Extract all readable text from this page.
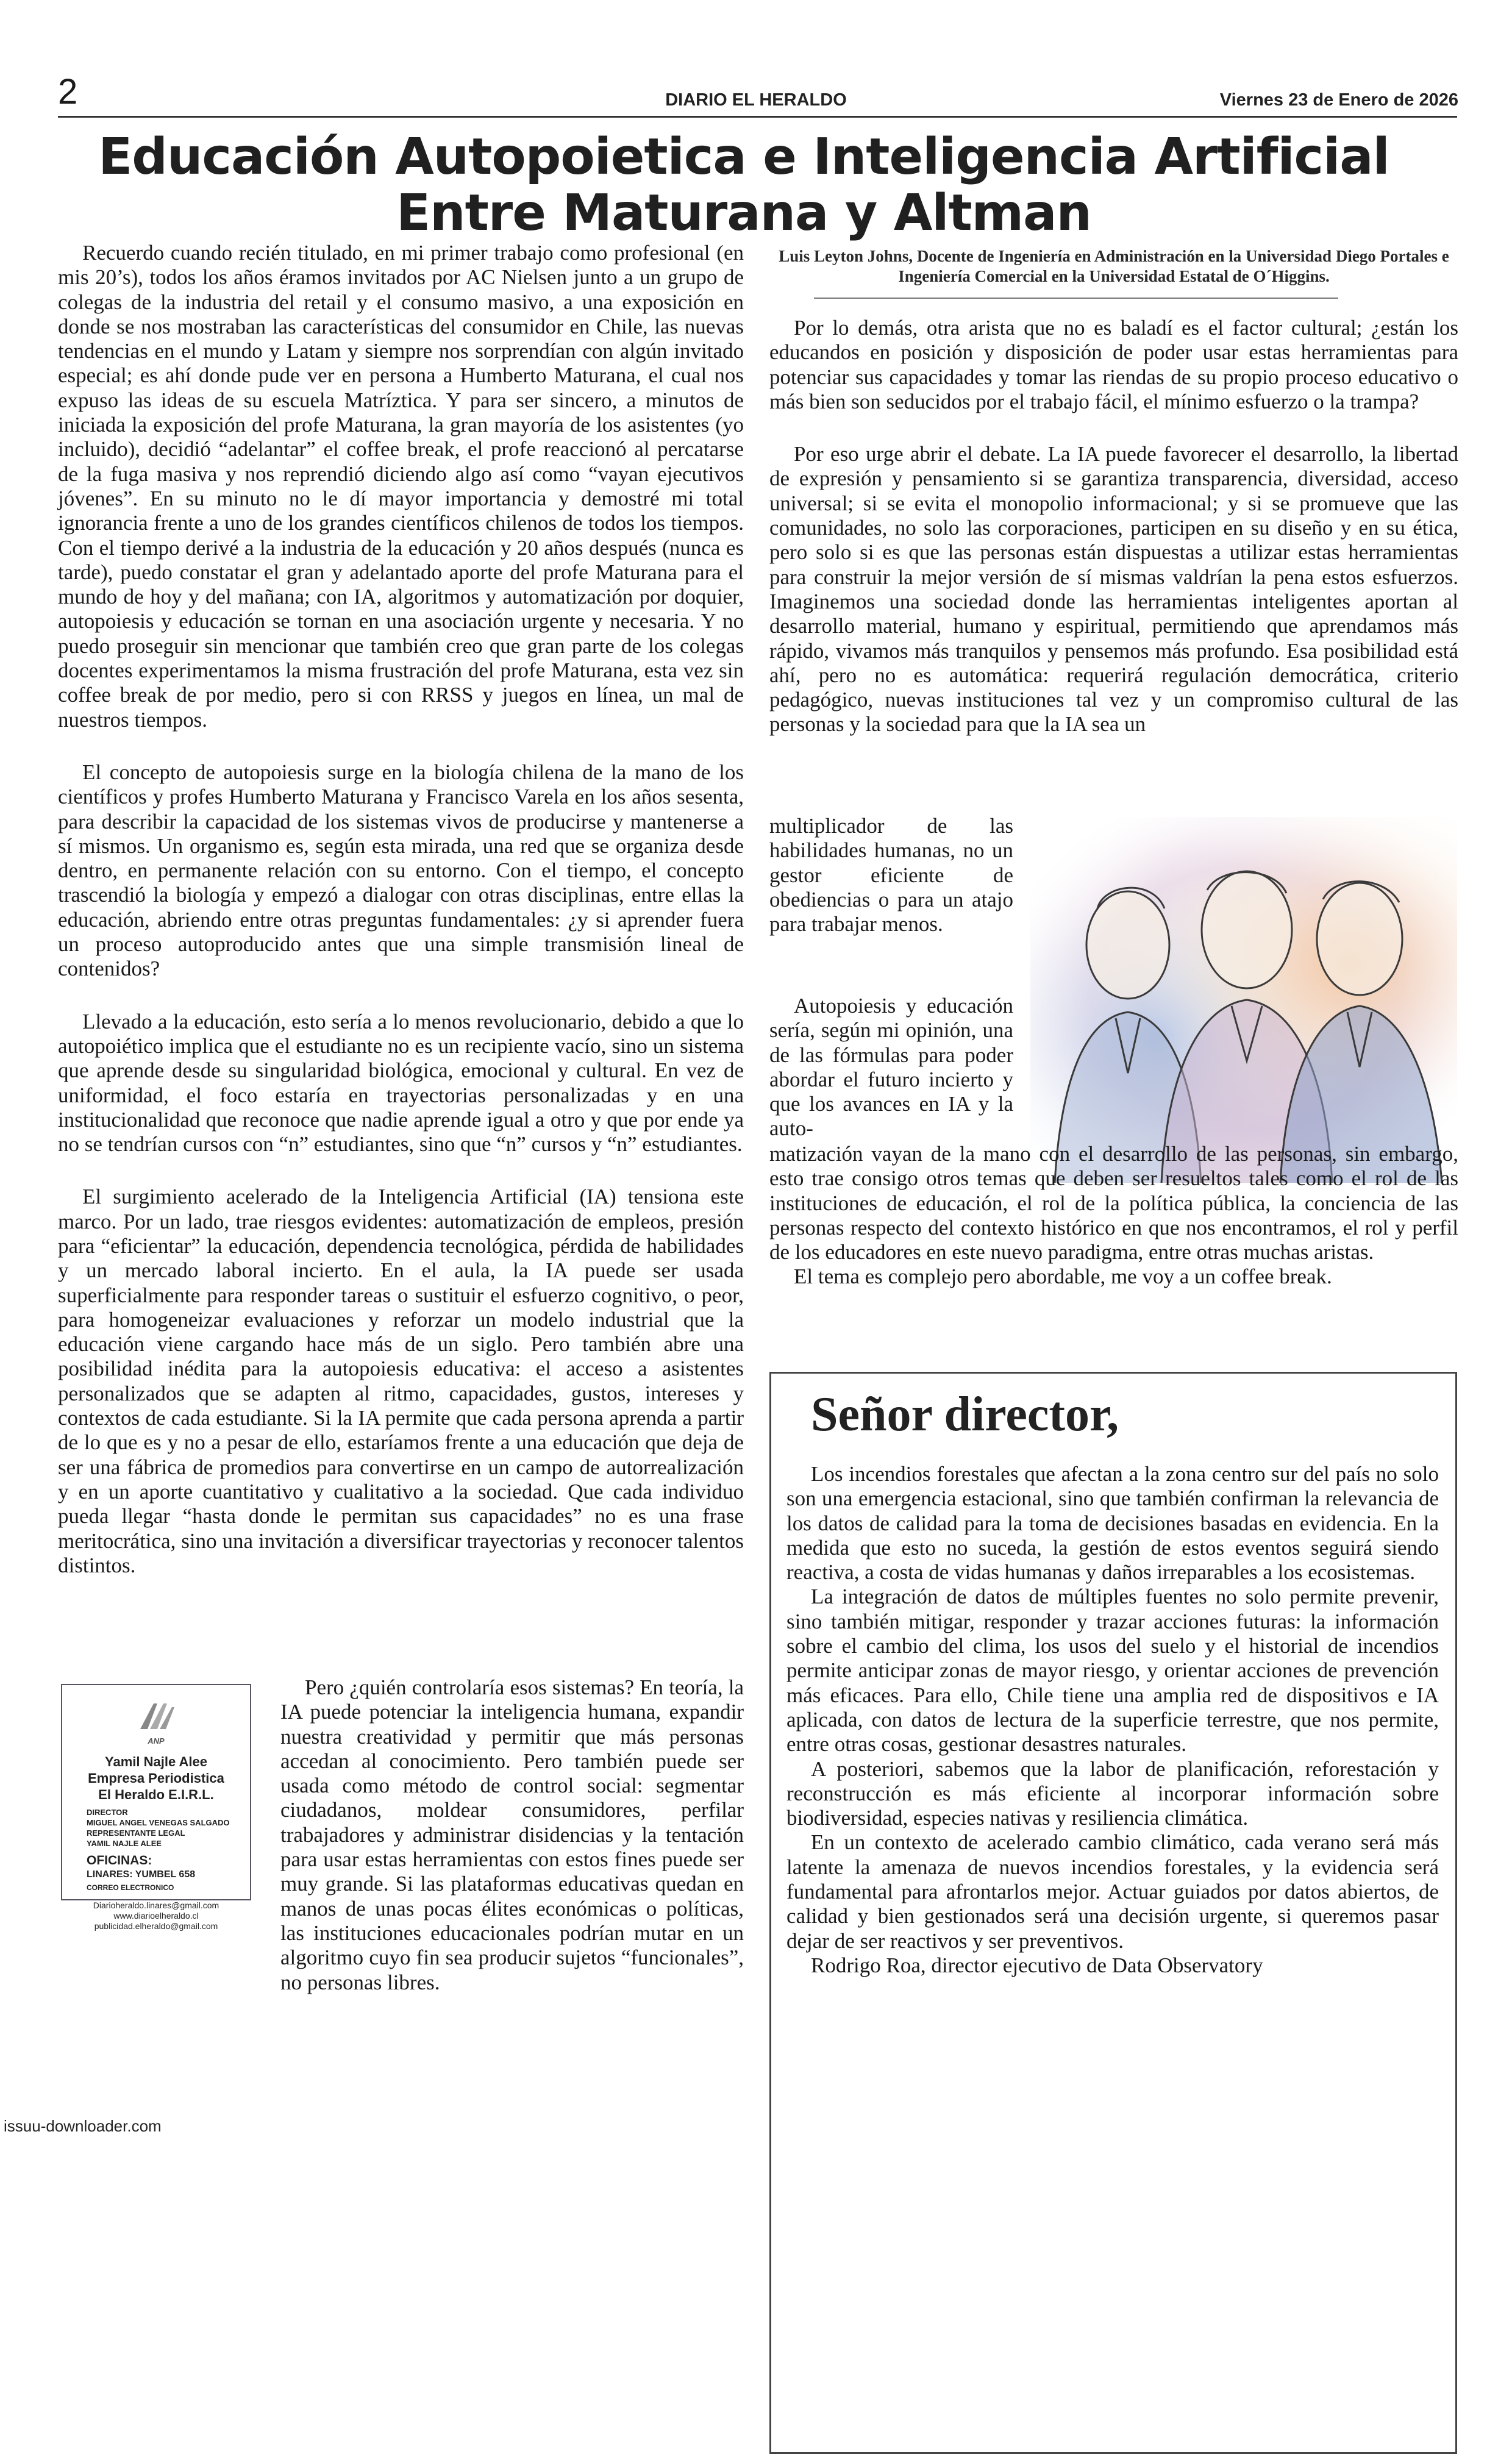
2	DIARIO EL HERALDO	Viernes 23 de Enero de 2026
Educación Autopoietica e Inteligencia Artificial
Entre Maturana y Altman

Recuerdo cuando recién titulado, en mi primer trabajo como profesional (en mis 20’s), todos los años éramos invitados por AC Nielsen junto a un grupo de colegas de la industria del retail y el consumo masivo, a una exposición en donde se nos mostraban las características del consumidor en Chile, las nuevas tendencias en el mundo y Latam y siempre nos sorprendían con algún invitado especial; es ahí donde pude ver en persona a Humberto Maturana, el cual nos expuso las ideas de su escuela Matríztica. Y para ser sincero, a minutos de iniciada la exposición del profe Maturana, la gran mayoría de los asistentes (yo incluido), decidió “adelantar” el coffee break, el profe reaccionó al percatarse de la fuga masiva y nos reprendió diciendo algo así como “vayan ejecutivos jóvenes”. En su minuto no le dí mayor importancia y demostré mi total ignorancia frente a uno de los grandes científicos chilenos de todos los tiempos. Con el tiempo derivé a la industria de la educación y 20 años después (nunca es tarde), puedo constatar el gran y adelantado aporte del profe Maturana para el mundo de hoy y del mañana; con IA, algoritmos y automatización por doquier, autopoiesis y educación se tornan en una asociación urgente y necesaria. Y no puedo proseguir sin mencionar que también creo que gran parte de los colegas docentes experimentamos la misma frustración del profe Maturana, esta vez sin coffee break de por medio, pero si con RRSS y juegos en línea, un mal de nuestros tiempos.

El concepto de autopoiesis surge en la biología chilena de la mano de los científicos y profes Humberto Maturana y Francisco Varela en los años sesenta, para describir la capacidad de los sistemas vivos de producirse y mantenerse a sí mismos. Un organismo es, según esta mirada, una red que se organiza desde dentro, en permanente relación con su entorno. Con el tiempo, el concepto trascendió la biología y empezó a dialogar con otras disciplinas, entre ellas la educación, abriendo entre otras preguntas fundamentales: ¿y si aprender fuera un proceso autoproducido antes que una simple transmisión lineal de contenidos?

Llevado a la educación, esto sería a lo menos revolucionario, debido a que lo autopoiético implica que el estudiante no es un recipiente vacío, sino un sistema que aprende desde su singularidad biológica, emocional y cultural. En vez de uniformidad, el foco estaría en trayectorias personalizadas y en una institucionalidad que reconoce que nadie aprende igual a otro y que por ende ya no se tendrían cursos con “n” estudiantes, sino que “n” cursos y “n” estudiantes.

El surgimiento acelerado de la Inteligencia Artificial (IA) tensiona este marco. Por un lado, trae riesgos evidentes: automatización de empleos, presión para “eficientar” la educación, dependencia tecnológica, pérdida de habilidades y un mercado laboral incierto. En el aula, la IA puede ser usada superficialmente para responder tareas o sustituir el esfuerzo cognitivo, o peor, para homogeneizar evaluaciones y reforzar un modelo industrial que la educación viene cargando hace más de un siglo. Pero también abre una posibilidad inédita para la autopoiesis educativa: el acceso a asistentes personalizados que se adapten al ritmo, capacidades, gustos, intereses y contextos de cada estudiante. Si la IA permite que cada persona aprenda a partir de lo que es y no a pesar de ello, estaríamos frente a una educación que deja de ser una fábrica de promedios para convertirse en un campo de autorrealización y en un aporte cuantitativo y cualitativo a la sociedad. Que cada individuo pueda llegar “hasta donde le permitan sus capacidades” no es una frase meritocrática, sino una invitación a diversificar trayectorias y reconocer talentos distintos.

ANP
Yamil Najle Alee
Empresa Periodistica
El Heraldo E.I.R.L.
DIRECTOR
MIGUEL ANGEL VENEGAS SALGADO
REPRESENTANTE LEGAL
YAMIL NAJLE ALEE
OFICINAS:
LINARES: YUMBEL 658
CORREO ELECTRONICO
Diarioheraldo.linares@gmail.com
www.diarioelheraldo.cl
publicidad.elheraldo@gmail.com

Pero ¿quién controlaría esos sistemas? En teoría, la IA puede potenciar la inteligencia humana, expandir nuestra creatividad y permitir que más personas accedan al conocimiento. Pero también puede ser usada como método de control social: segmentar ciudadanos, moldear consumidores, perfilar trabajadores y administrar disidencias y la tentación para usar estas herramientas con estos fines puede ser muy grande. Si las plataformas educativas quedan en manos de unas pocas élites económicas o políticas, las instituciones educacionales podrían mutar en un algoritmo cuyo fin sea producir sujetos “funcionales”, no personas libres.

Luis Leyton Johns, Docente de Ingeniería en Administración en la Universidad Diego Portales e Ingeniería Comercial en la Universidad Estatal de O´Higgins.

Por lo demás, otra arista que no es baladí es el factor cultural; ¿están los educandos en posición y disposición de poder usar estas herramientas para potenciar sus capacidades y tomar las riendas de su propio proceso educativo o más bien son seducidos por el trabajo fácil, el mínimo esfuerzo o la trampa?

Por eso urge abrir el debate. La IA puede favorecer el desarrollo, la libertad de expresión y pensamiento si se garantiza transparencia, diversidad, acceso universal; si se evita el monopolio informacional; y si se promueve que las comunidades, no solo las corporaciones, participen en su diseño y en su ética, pero solo si es que las personas están dispuestas a utilizar estas herramientas para construir la mejor versión de sí mismas valdrían la pena estos esfuerzos. Imaginemos una sociedad donde las herramientas inteligentes aportan al desarrollo material, humano y espiritual, permitiendo que aprendamos más rápido, vivamos más tranquilos y pensemos más profundo. Esa posibilidad está ahí, pero no es automática: requerirá regulación democrática, criterio pedagógico, nuevas instituciones tal vez y un compromiso cultural de las personas y la sociedad para que la IA sea un

multiplicador de las habilidades humanas, no un gestor eficiente de obediencias o para un atajo para trabajar menos.

Autopoiesis y educación sería, según mi opinión, una de las fórmulas para poder abordar el futuro incierto y que los avances en IA y la auto-

matización vayan de la mano con el desarrollo de las personas, sin embargo, esto trae consigo otros temas que deben ser resueltos tales como el rol de las instituciones de educación, el rol de la política pública, la conciencia de las personas respecto del contexto histórico en que nos encontramos, el rol y perfil de los educadores en este nuevo paradigma, entre otras muchas aristas.

El tema es complejo pero abordable, me voy a un coffee break.

Señor director,

Los incendios forestales que afectan a la zona centro sur del país no solo son una emergencia estacional, sino que también confirman la relevancia de los datos de calidad para la toma de decisiones basadas en evidencia. En la medida que esto no suceda, la gestión de estos eventos seguirá siendo reactiva, a costa de vidas humanas y daños irreparables a los ecosistemas.

La integración de datos de múltiples fuentes no solo permite prevenir, sino también mitigar, responder y trazar acciones futuras: la información sobre el cambio del clima, los usos del suelo y el historial de incendios permite anticipar zonas de mayor riesgo, y orientar acciones de prevención más eficaces. Para ello, Chile tiene una amplia red de dispositivos e IA aplicada, con datos de lectura de la superficie terrestre, que nos permite, entre otras cosas, gestionar desastres naturales.

A posteriori, sabemos que la labor de planificación, reforestación y reconstrucción es más eficiente al incorporar información sobre biodiversidad, especies nativas y resiliencia climática.

En un contexto de acelerado cambio climático, cada verano será más latente la amenaza de nuevos incendios forestales, y la evidencia será fundamental para afrontarlos mejor. Actuar guiados por datos abiertos, de calidad y bien gestionados será una decisión urgente, si queremos pasar dejar de ser reactivos y ser preventivos.

Rodrigo Roa, director ejecutivo de Data Observatory

issuu-downloader.com
